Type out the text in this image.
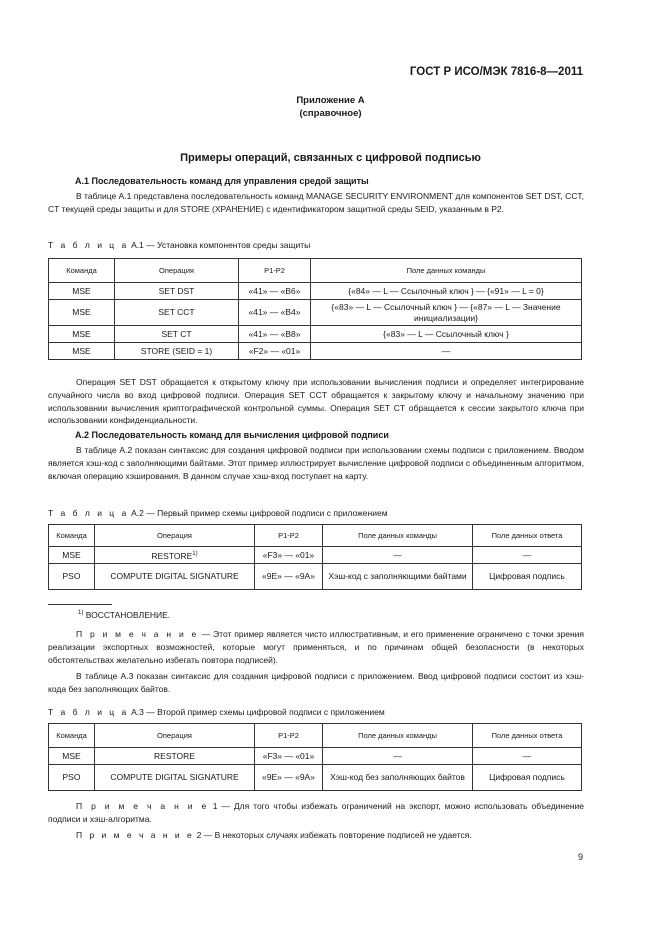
ГОСТ Р ИСО/МЭК 7816-8—2011
Приложение А
(справочное)
Примеры операций, связанных с цифровой подписью
А.1 Последовательность команд для управления средой защиты
В таблице А.1 представлена последовательность команд MANAGE SECURITY ENVIRONMENT для компонентов SET DST, CCT, CT текущей среды защиты и для STORE (ХРАНЕНИЕ) с идентификатором защитной среды SEID, указанным в Р2.
Т а б л и ц а А.1 — Установка компонентов среды защиты
Команда	Операция	Р1-Р2	Поле данных команды
MSE	SET DST	«41» — «B6»	{«84» — L — Ссылочный ключ } — {«91» — L = 0}
MSE	SET CCT	«41» — «B4»	{«83» — L — Ссылочный ключ } — {«87» — L — Значение инициализации}
MSE	SET CT	«41» — «B8»	{«83» — L — Ссылочный ключ }
MSE	STORE (SEID = 1)	«F2» — «01»	—
Операция SET DST обращается к открытому ключу при использовании вычисления подписи и определяет интегрирование случайного числа во вход цифровой подписи. Операция SET CCT обращается к закрытому ключу и начальному значению при использовании вычисления криптографической контрольной суммы. Операция SET CT обращается к сессии закрытого ключа при использовании конфиденциальности.
А.2 Последовательность команд для вычисления цифровой подписи
В таблице А.2 показан синтаксис для создания цифровой подписи при использовании схемы подписи с приложением. Вводом является хэш-код с заполняющими байтами. Этот пример иллюстрирует вычисление цифровой подписи с объединенным алгоритмом, включая операцию хэширования. В данном случае хэш-вход поступает на карту.
Т а б л и ц а А.2 — Первый пример схемы цифровой подписи с приложением
Команда	Операция	Р1-Р2	Поле данных команды	Поле данных ответа
MSE	RESTORE$^{1)}$	«F3» — «01»	—	—
PSO	COMPUTE DIGITAL SIGNATURE	«9E» — «9A»	Хэш-код с заполняющими байтами	Цифровая подпись
$^{1)}$ ВОССТАНОВЛЕНИЕ.
П р и м е ч а н и е — Этот пример является чисто иллюстративным, и его применение ограничено с точки зрения реализации экспортных возможностей, которые могут применяться, и по причинам общей безопасности (в некоторых обстоятельствах желательно избегать повтора подписей).
В таблице А.3 показан синтаксис для создания цифровой подписи с приложением. Ввод цифровой подписи состоит из хэш-кода без заполняющих байтов.
Т а б л и ц а А.3 — Второй пример схемы цифровой подписи с приложением
Команда	Операция	Р1-Р2	Поле данных команды	Поле данных ответа
MSE	RESTORE	«F3» — «01»	—	—
PSO	COMPUTE DIGITAL SIGNATURE	«9E» — «9A»	Хэш-код без заполняющих байтов	Цифровая подпись
П р и м е ч а н и е 1 — Для того чтобы избежать ограничений на экспорт, можно использовать объединение подписи и хэш-алгоритма.
П р и м е ч а н и е 2 — В некоторых случаях избежать повторение подписей не удается.
9
